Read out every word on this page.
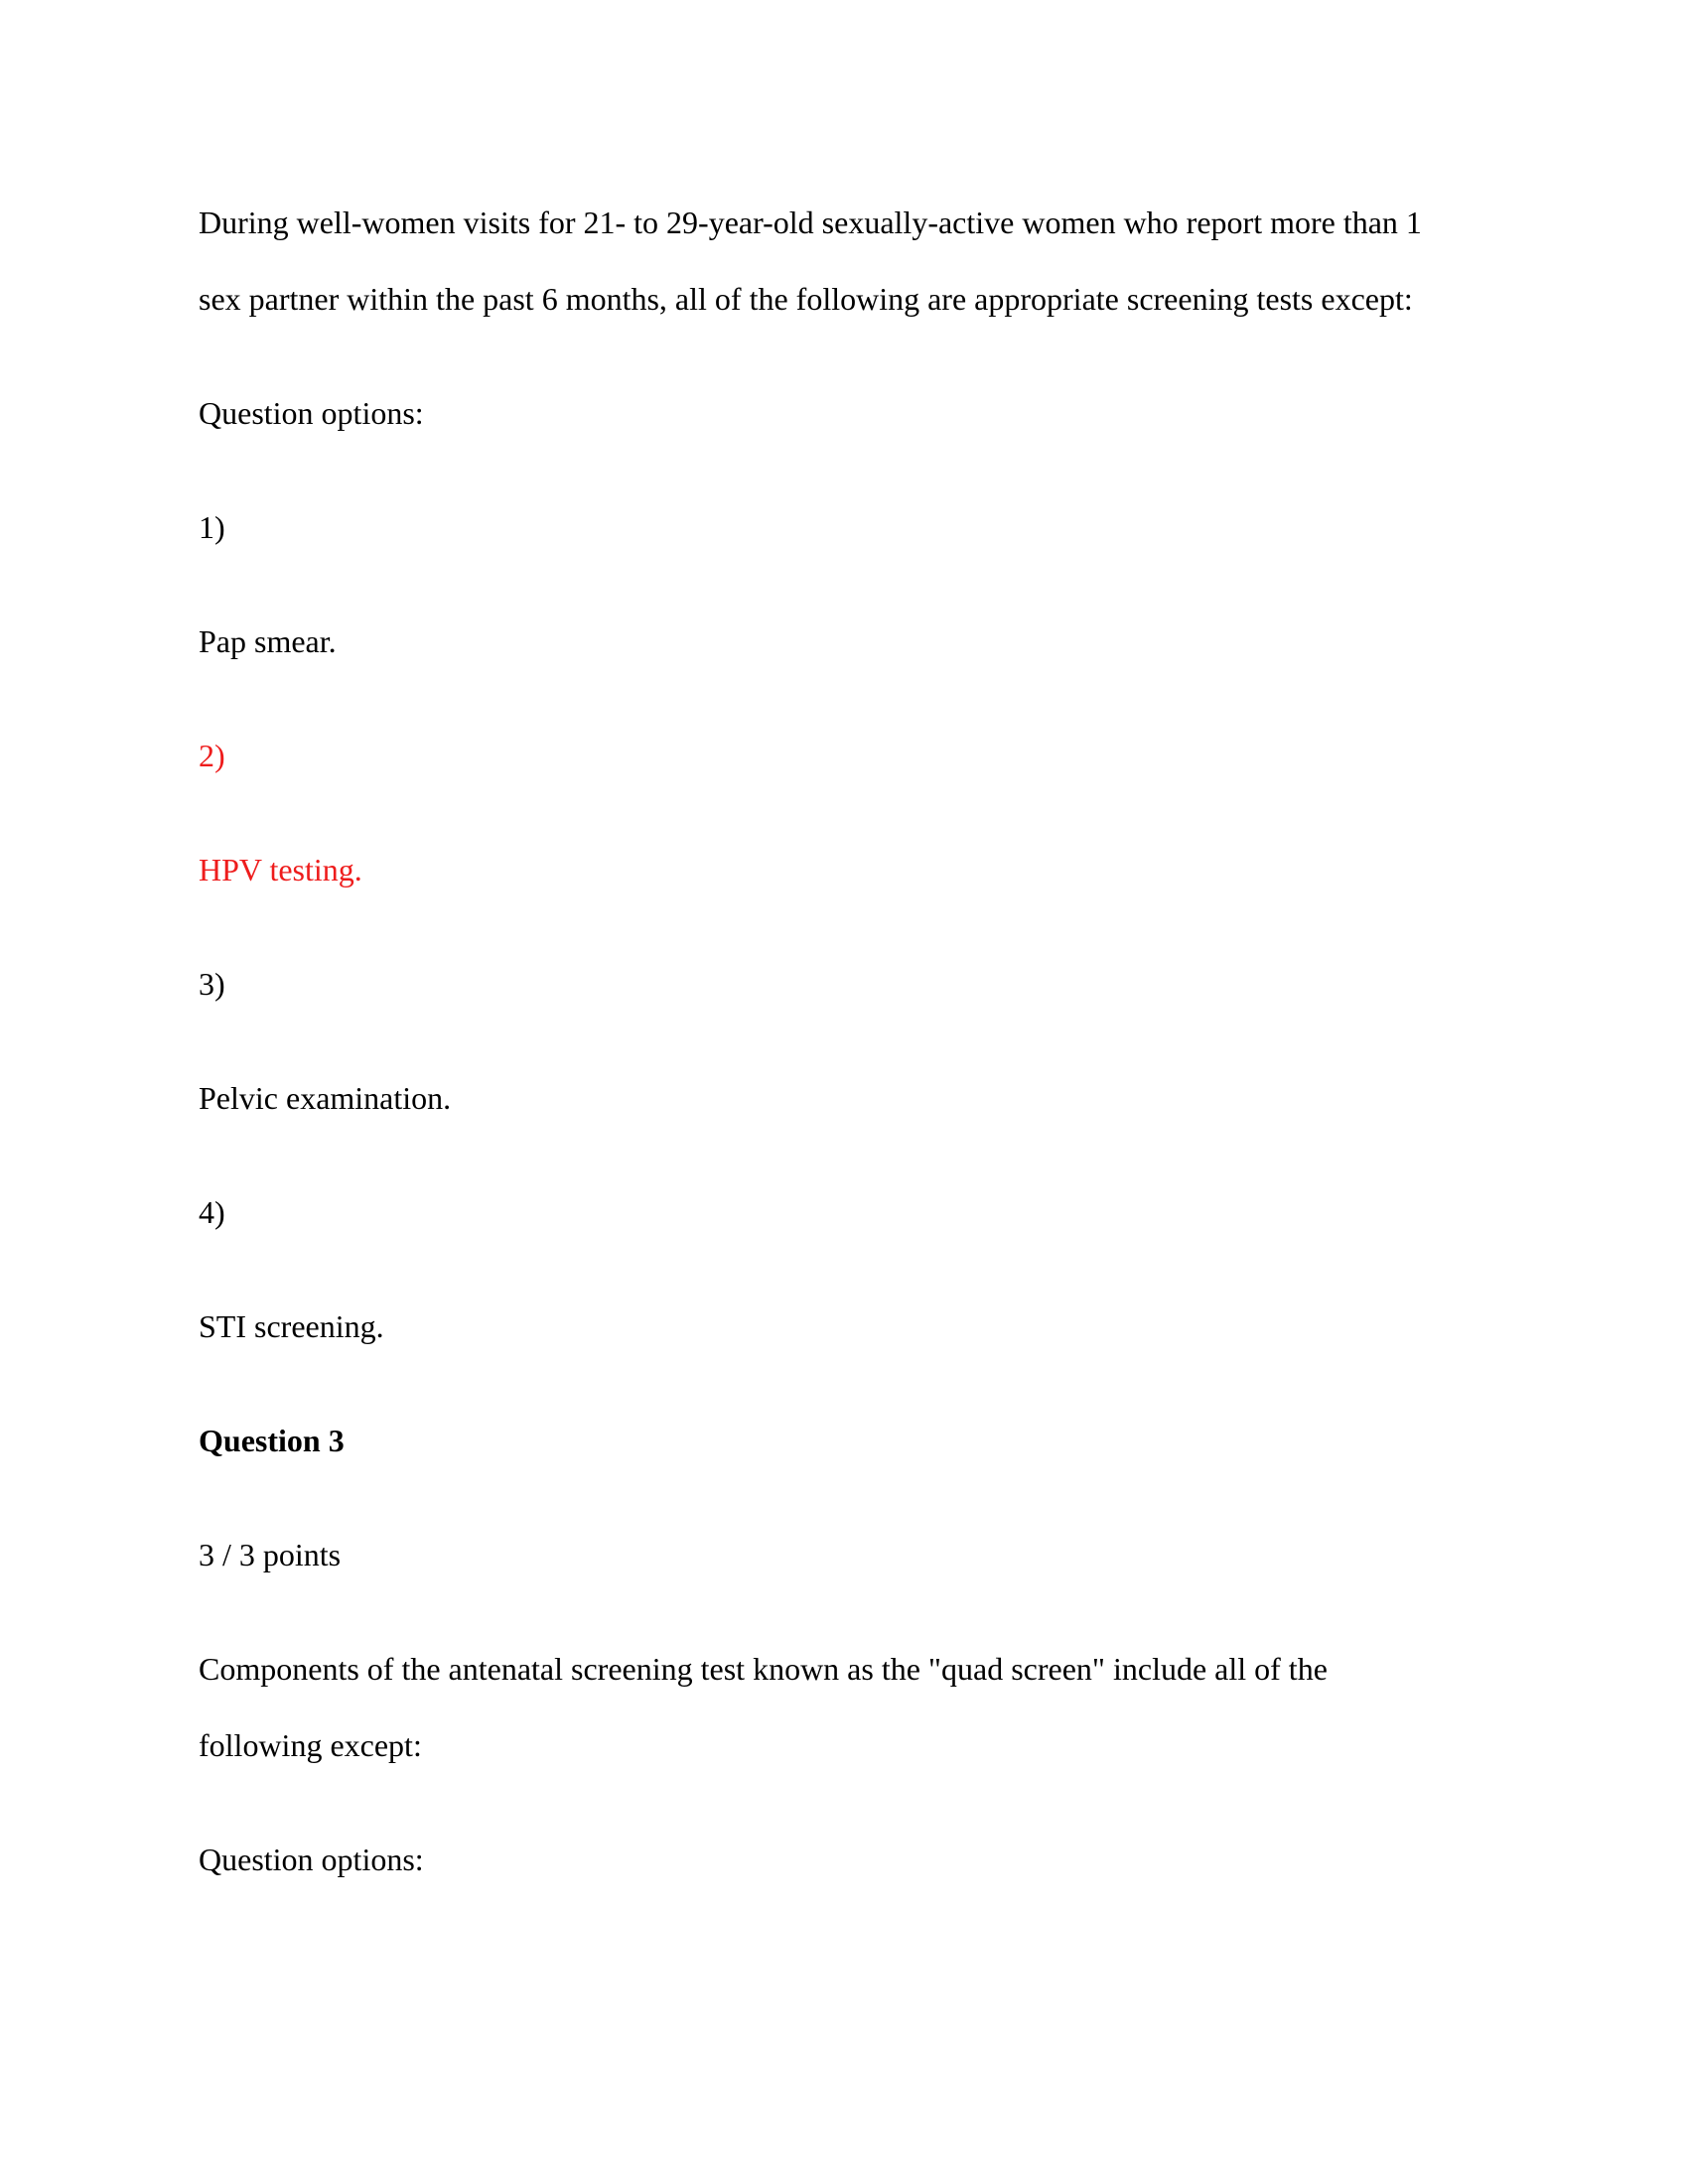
During well-women visits for 21- to 29-year-old sexually-active women who report more than 1

sex partner within the past 6 months, all of the following are appropriate screening tests except:

Question options:

1)

Pap smear.

2)

HPV testing.

3)

Pelvic examination.

4)

STI screening.

Question 3

3 / 3 points

Components of the antenatal screening test known as the "quad screen" include all of the

following except:

Question options:
